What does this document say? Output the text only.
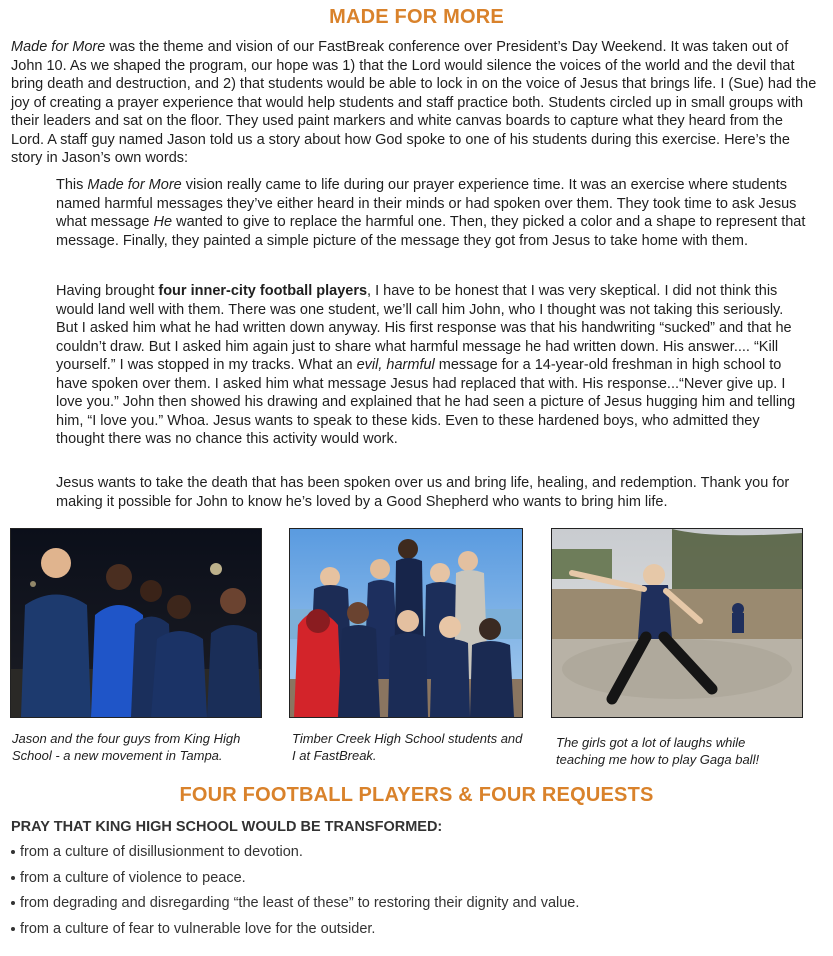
MADE FOR MORE

Made for More was the theme and vision of our FastBreak conference over President’s Day Weekend. It was taken out of John 10. As we shaped the program, our hope was 1) that the Lord would silence the voices of the world and the devil that bring death and destruction, and 2) that students would be able to lock in on the voice of Jesus that brings life. I (Sue) had the joy of creating a prayer experience that would help students and staff practice both. Students circled up in small groups with their leaders and sat on the floor. They used paint markers and white canvas boards to capture what they heard from the Lord. A staff guy named Jason told us a story about how God spoke to one of his students during this exercise. Here’s the story in Jason’s own words:

This Made for More vision really came to life during our prayer experience time. It was an exercise where students named harmful messages they’ve either heard in their minds or had spoken over them. They took time to ask Jesus what message He wanted to give to replace the harmful one. Then, they picked a color and a shape to represent that message. Finally, they painted a simple picture of the message they got from Jesus to take home with them.

Having brought four inner-city football players, I have to be honest that I was very skeptical. I did not think this would land well with them. There was one student, we’ll call him John, who I thought was not taking this seriously. But I asked him what he had written down anyway. His first response was that his handwriting “sucked” and that he couldn’t draw. But I asked him again just to share what harmful message he had written down. His answer.... “Kill yourself.” I was stopped in my tracks. What an evil, harmful message for a 14-year-old freshman in high school to have spoken over them. I asked him what message Jesus had replaced that with. His response...“Never give up. I love you.” John then showed his drawing and explained that he had seen a picture of Jesus hugging him and telling him, “I love you.” Whoa. Jesus wants to speak to these kids. Even to these hardened boys, who admitted they thought there was no chance this activity would work.

Jesus wants to take the death that has been spoken over us and bring life, healing, and redemption. Thank you for making it possible for John to know he’s loved by a Good Shepherd who wants to bring him life.

Jason and the four guys from King High School - a new movement in Tampa.

Timber Creek High School students and I at FastBreak.

The girls got a lot of laughs while teaching me how to play Gaga ball!

FOUR FOOTBALL PLAYERS & FOUR REQUESTS
PRAY THAT KING HIGH SCHOOL WOULD BE TRANSFORMED:
from a culture of disillusionment to devotion.
from a culture of violence to peace.
from degrading and disregarding “the least of these” to restoring their dignity and value.
from a culture of fear to vulnerable love for the outsider.
